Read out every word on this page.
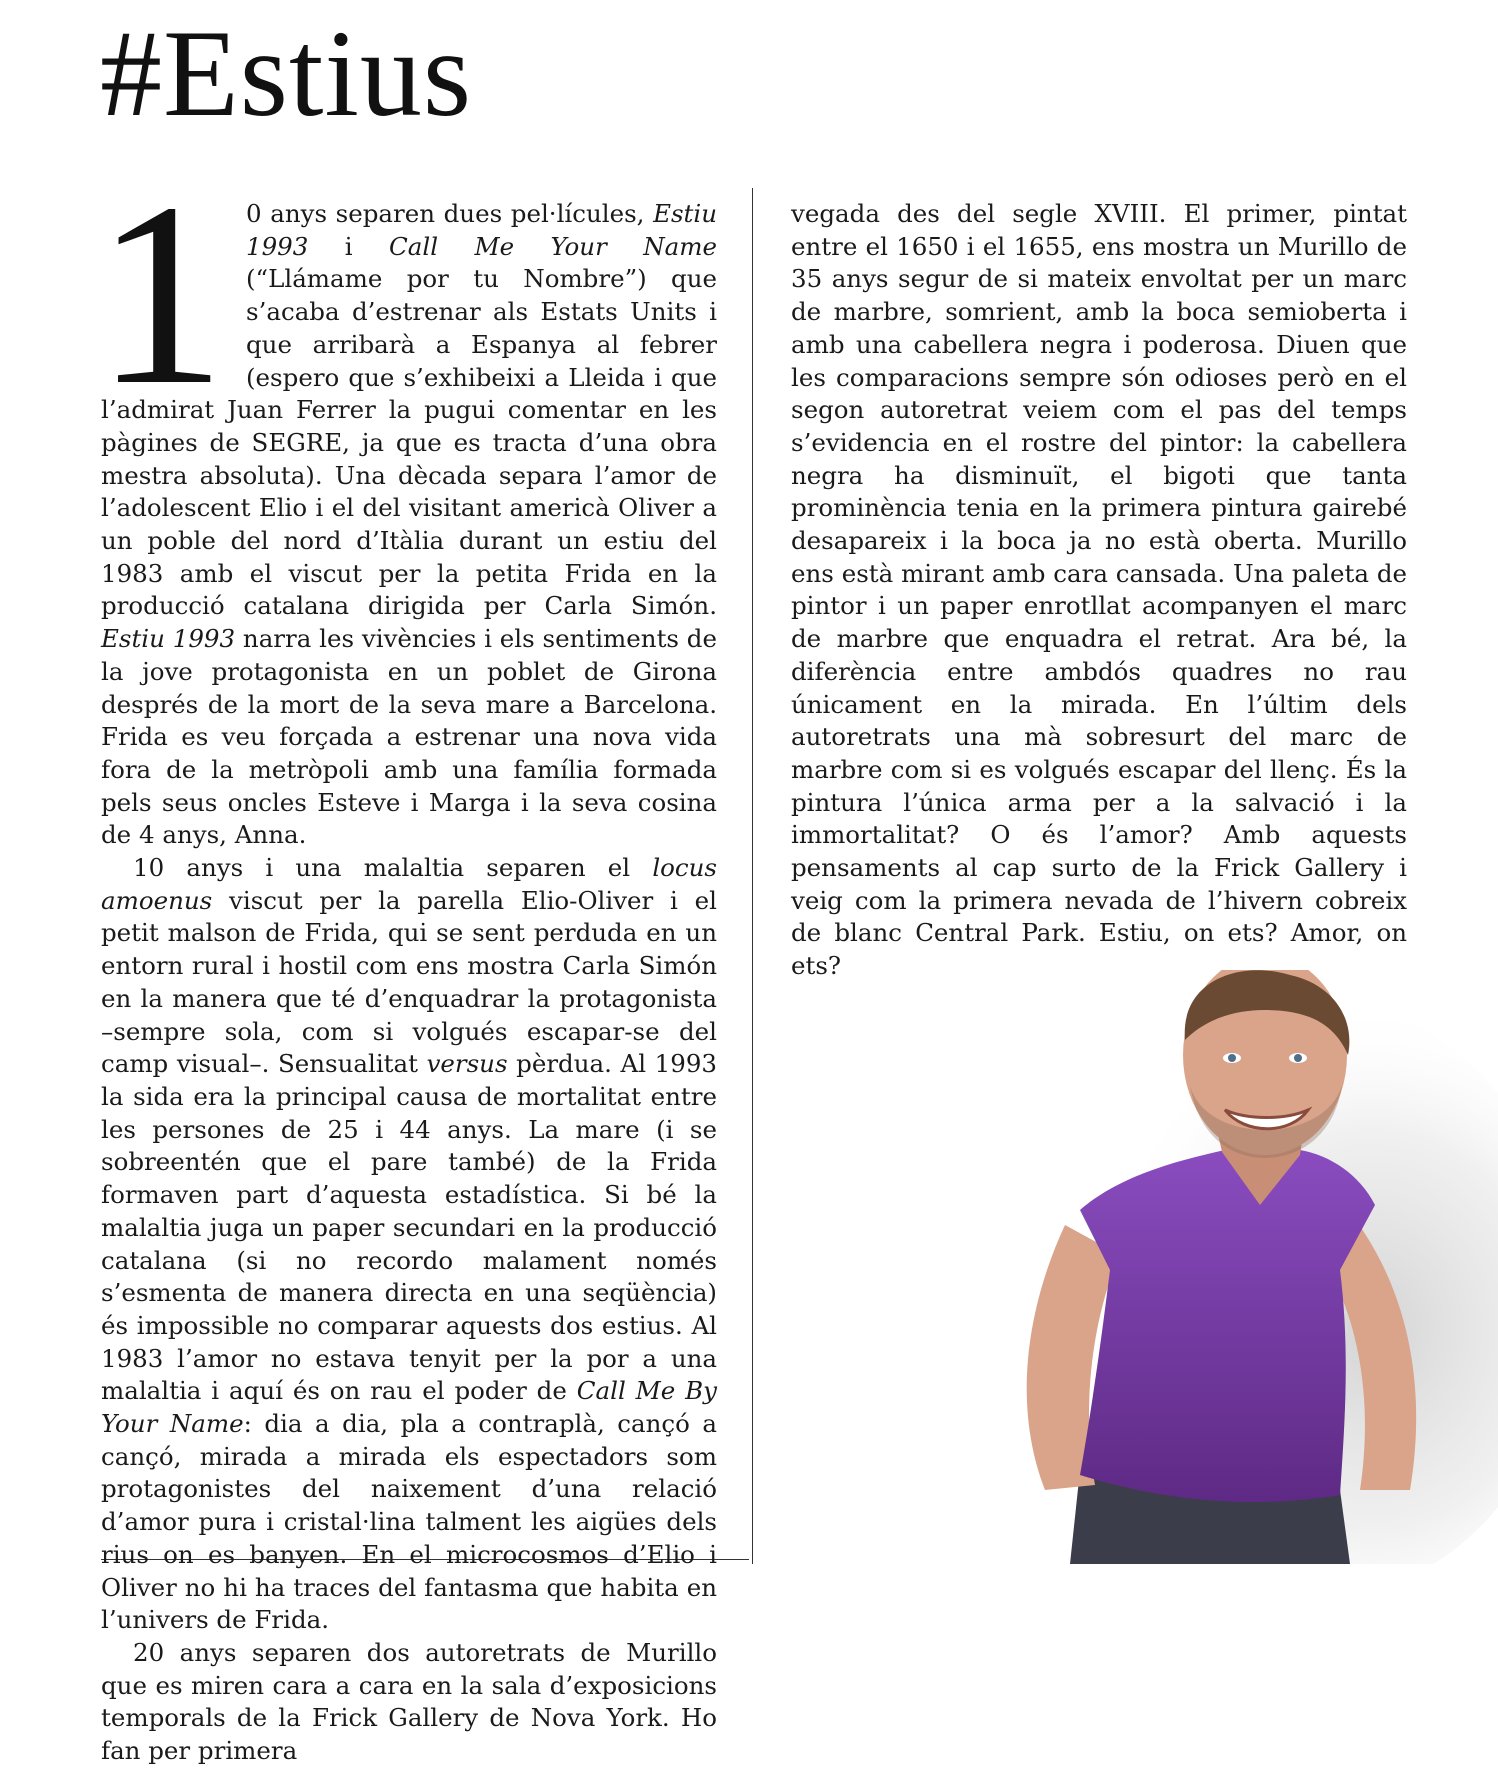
#Estius
1 0 anys separen dues pel·lícules, Estiu 1993 i Call Me Your Name (“Llámame por tu Nombre”) que s’acaba d’estrenar als Estats Units i que arribarà a Espanya al febrer (espero que s’exhibeixi a Lleida i que l’admirat Juan Ferrer la pugui comentar en les pàgines de SEGRE, ja que es tracta d’una obra mestra absoluta). Una dècada separa l’amor de l’adolescent Elio i el del visitant americà Oliver a un poble del nord d’Itàlia durant un estiu del 1983 amb el viscut per la petita Frida en la producció catalana dirigida per Carla Simón. Estiu 1993 narra les vivències i els sentiments de la jove protagonista en un poblet de Girona després de la mort de la seva mare a Barcelona. Frida es veu forçada a estrenar una nova vida fora de la metròpoli amb una família formada pels seus oncles Esteve i Marga i la seva cosina de 4 anys, Anna.

10 anys i una malaltia separen el locus amoenus viscut per la parella Elio-Oliver i el petit malson de Frida, qui se sent perduda en un entorn rural i hostil com ens mostra Carla Simón en la manera que té d’enquadrar la protagonista –sempre sola, com si volgués escapar-se del camp visual–. Sensualitat versus pèrdua. Al 1993 la sida era la principal causa de mortalitat entre les persones de 25 i 44 anys. La mare (i se sobreentén que el pare també) de la Frida formaven part d’aquesta estadística. Si bé la malaltia juga un paper secundari en la producció catalana (si no recordo malament només s’esmenta de manera directa en una seqüència) és impossible no comparar aquests dos estius. Al 1983 l’amor no estava tenyit per la por a una malaltia i aquí és on rau el poder de Call Me By Your Name: dia a dia, pla a contraplà, cançó a cançó, mirada a mirada els espectadors som protagonistes del naixement d’una relació d’amor pura i cristal·lina talment les aigües dels rius on es banyen. En el microcosmos d’Elio i Oliver no hi ha traces del fantasma que habita en l’univers de Frida.

20 anys separen dos autoretrats de Murillo que es miren cara a cara en la sala d’exposicions temporals de la Frick Gallery de Nova York. Ho fan per primera

vegada des del segle XVIII. El primer, pintat entre el 1650 i el 1655, ens mostra un Murillo de 35 anys segur de si mateix envoltat per un marc de marbre, somrient, amb la boca semioberta i amb una cabellera negra i poderosa. Diuen que les comparacions sempre són odioses però en el segon autoretrat veiem com el pas del temps s’evidencia en el rostre del pintor: la cabellera negra ha disminuït, el bigoti que tanta prominència tenia en la primera pintura gairebé desapareix i la boca ja no està oberta. Murillo ens està mirant amb cara cansada. Una paleta de pintor i un paper enrotllat acompanyen el marc de marbre que enquadra el retrat. Ara bé, la diferència entre ambdós quadres no rau únicament en la mirada. En l’últim dels autoretrats una mà sobresurt del marc de marbre com si es volgués escapar del llenç. És la pintura l’única arma per a la salvació i la immortalitat? O és l’amor? Amb aquests pensaments al cap surto de la Frick Gallery i veig com la primera nevada de l’hivern cobreix de blanc Central Park. Estiu, on ets? Amor, on ets?
